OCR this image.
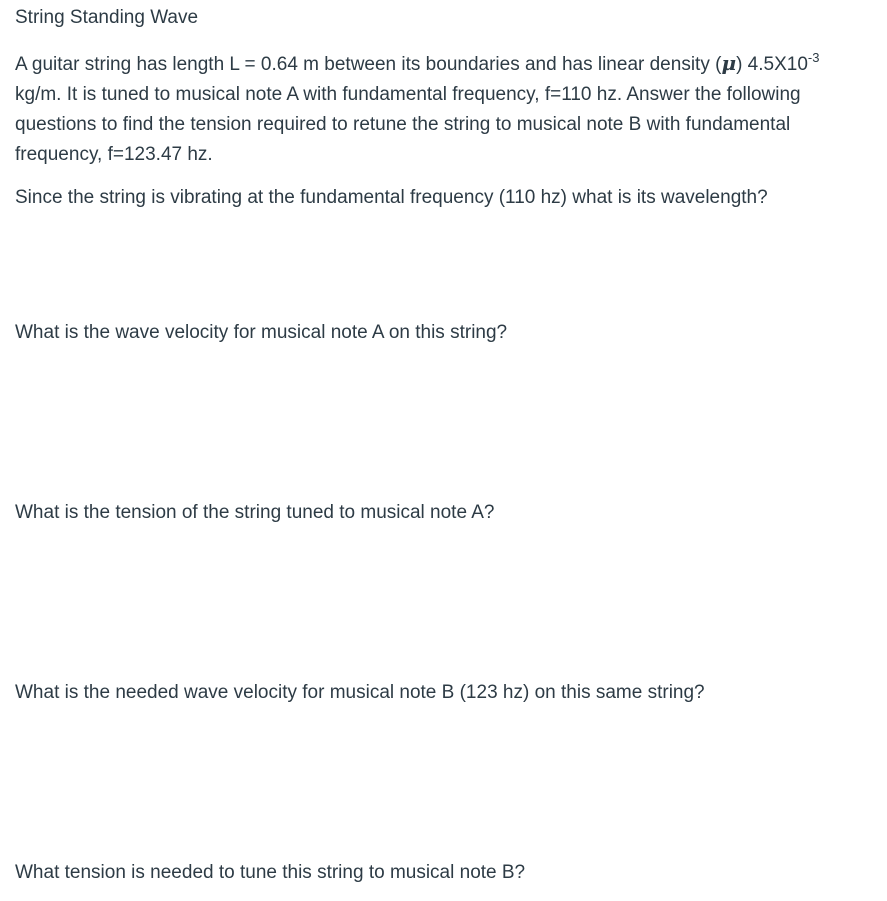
String Standing Wave
A guitar string has length L = 0.64 m between its boundaries and has linear density (μ) $4.5X10^{-3}$
kg/m. It is tuned to musical note A with fundamental frequency, f=110 hz. Answer the following
questions to find the tension required to retune the string to musical note B with fundamental
frequency, f=123.47 hz.
Since the string is vibrating at the fundamental frequency (110 hz) what is its wavelength?
What is the wave velocity for musical note A on this string?
What is the tension of the string tuned to musical note A?
What is the needed wave velocity for musical note B (123 hz) on this same string?
What tension is needed to tune this string to musical note B?
